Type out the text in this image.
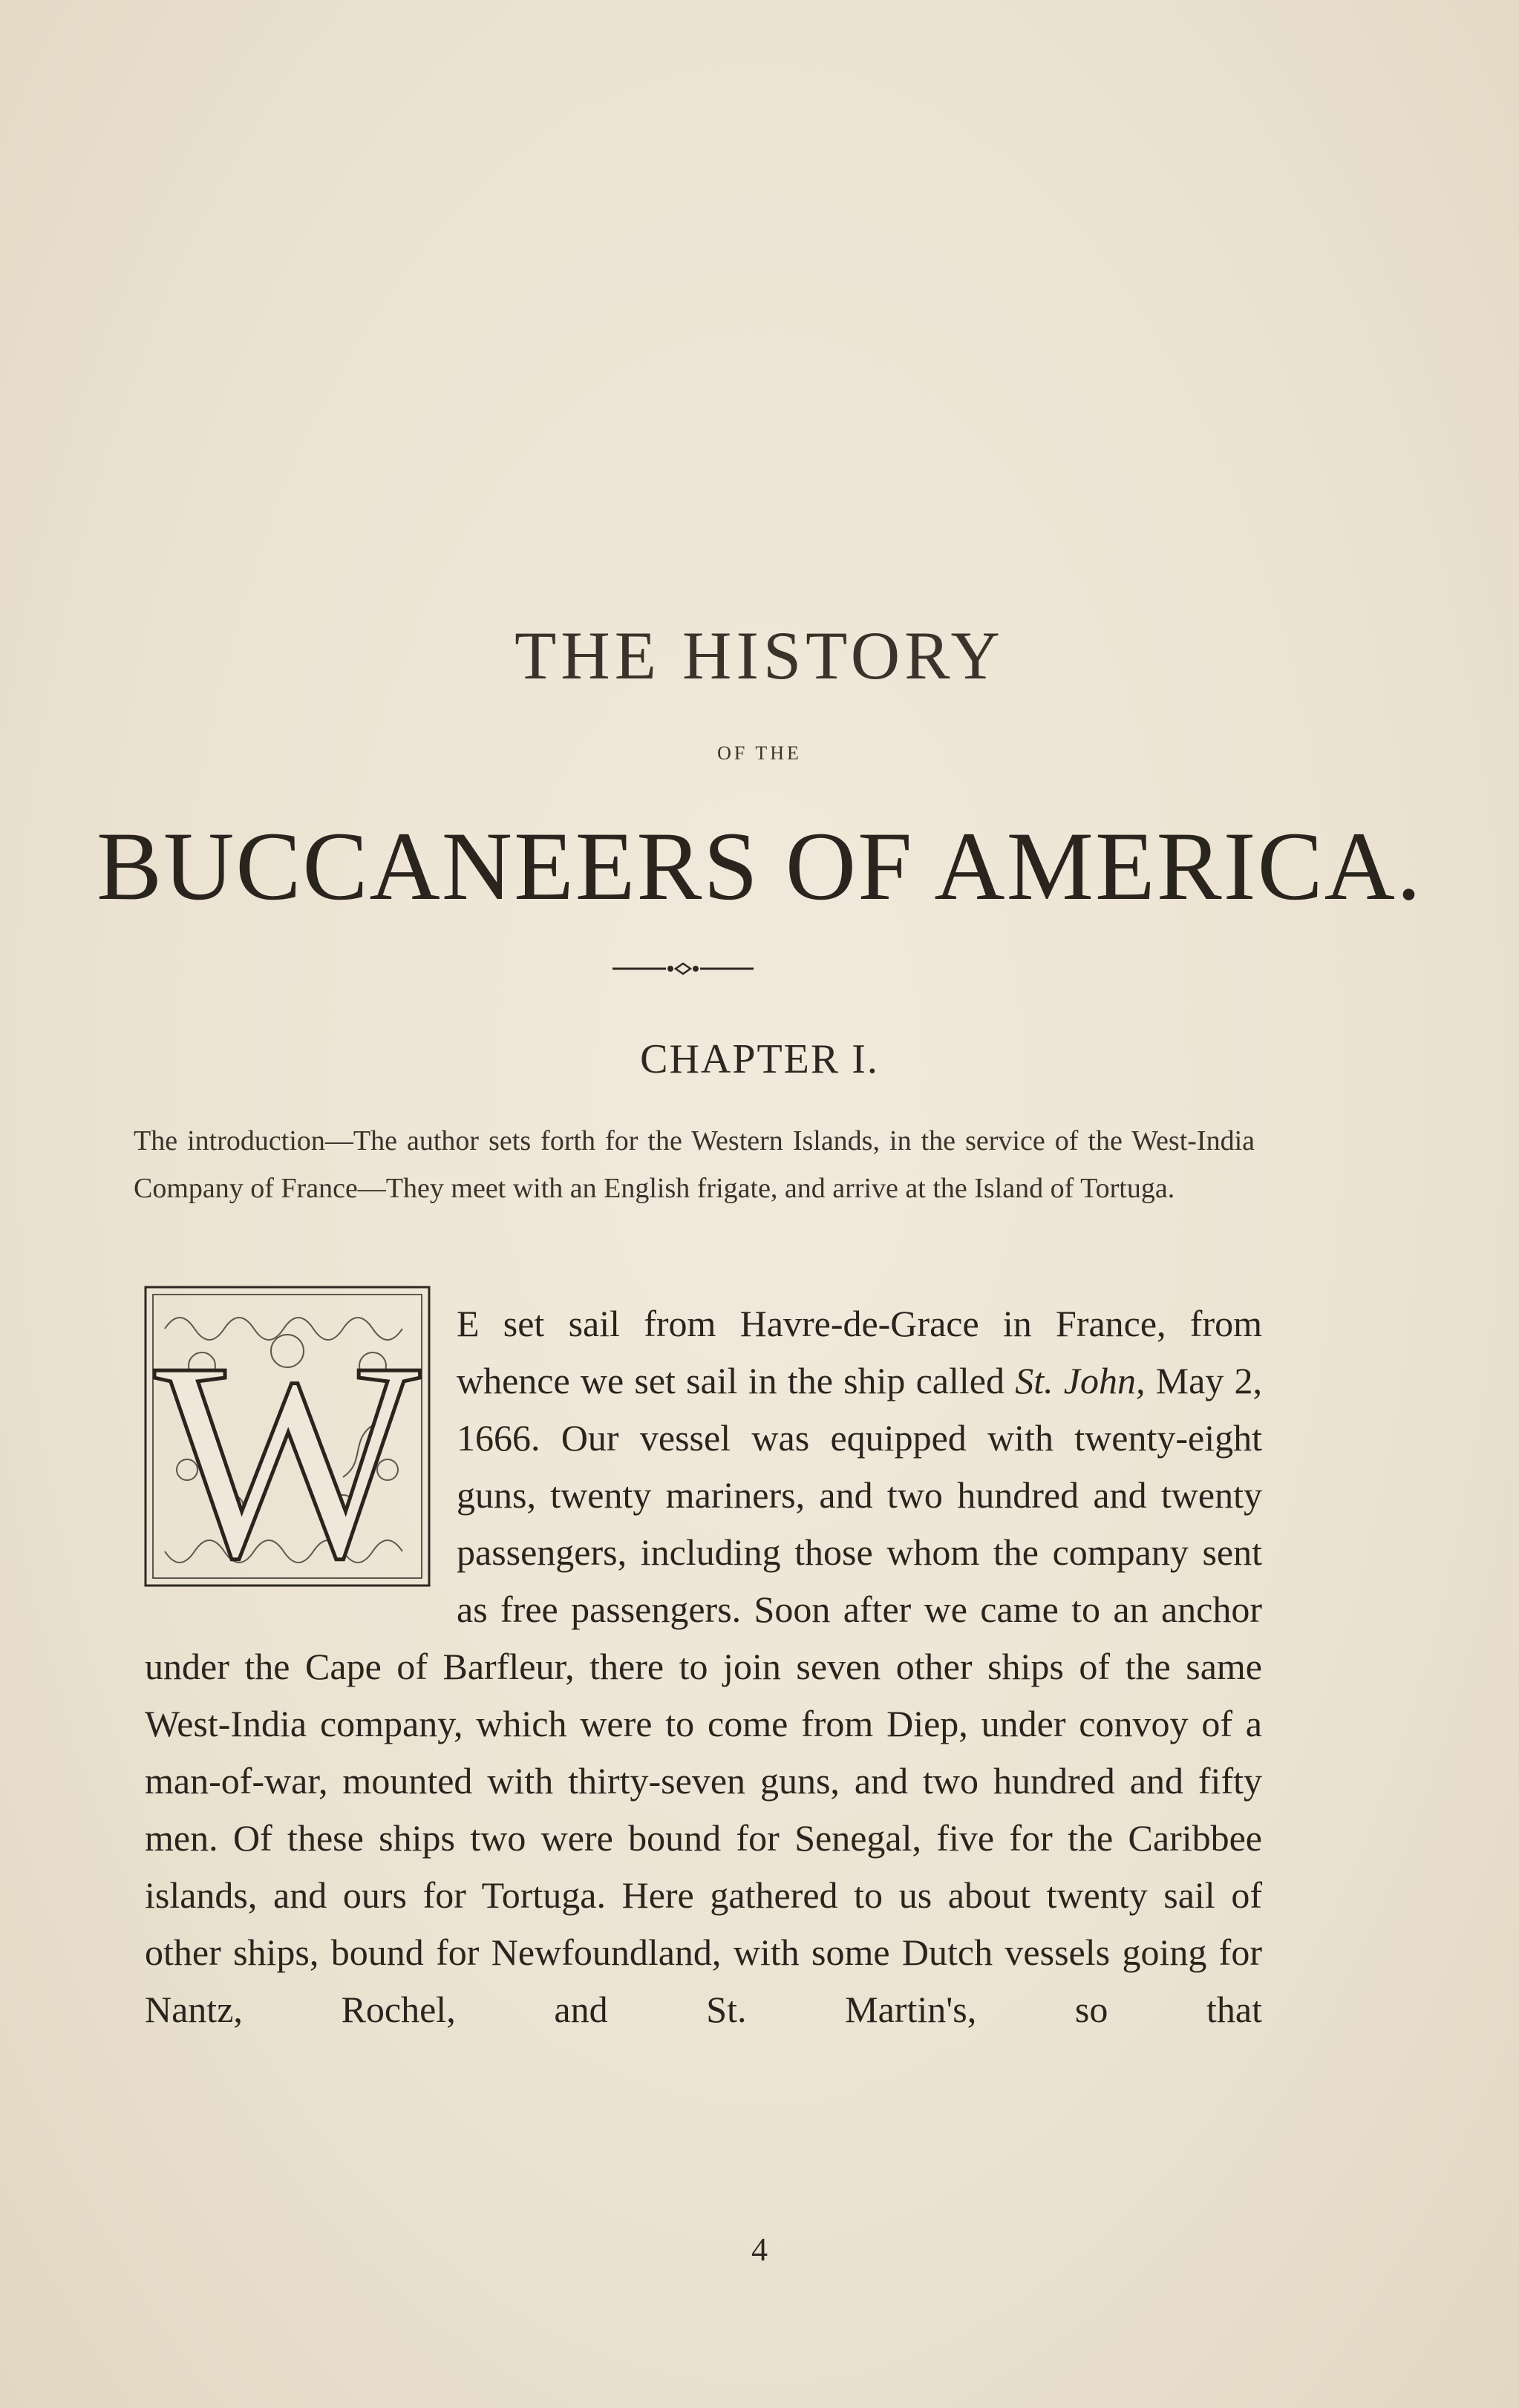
THE HISTORY
OF THE
BUCCANEERS OF AMERICA.
CHAPTER I.

The introduction—The author sets forth for the Western Islands, in the service of the West-India Company of France—They meet with an English frigate, and arrive at the Island of Tortuga.

W E set sail from Havre-de-Grace in France, from whence we set sail in the ship called St. John, May 2, 1666. Our vessel was equipped with twenty-eight guns, twenty mariners, and two hundred and twenty passengers, including those whom the company sent as free passengers. Soon after we came to an anchor under the Cape of Barfleur, there to join seven other ships of the same West-India company, which were to come from Diep, under convoy of a man-of-war, mounted with thirty-seven guns, and two hundred and fifty men. Of these ships two were bound for Senegal, five for the Caribbee islands, and ours for Tortuga. Here gathered to us about twenty sail of other ships, bound for Newfoundland, with some Dutch vessels going for Nantz, Rochel, and St. Martin's, so that

4
